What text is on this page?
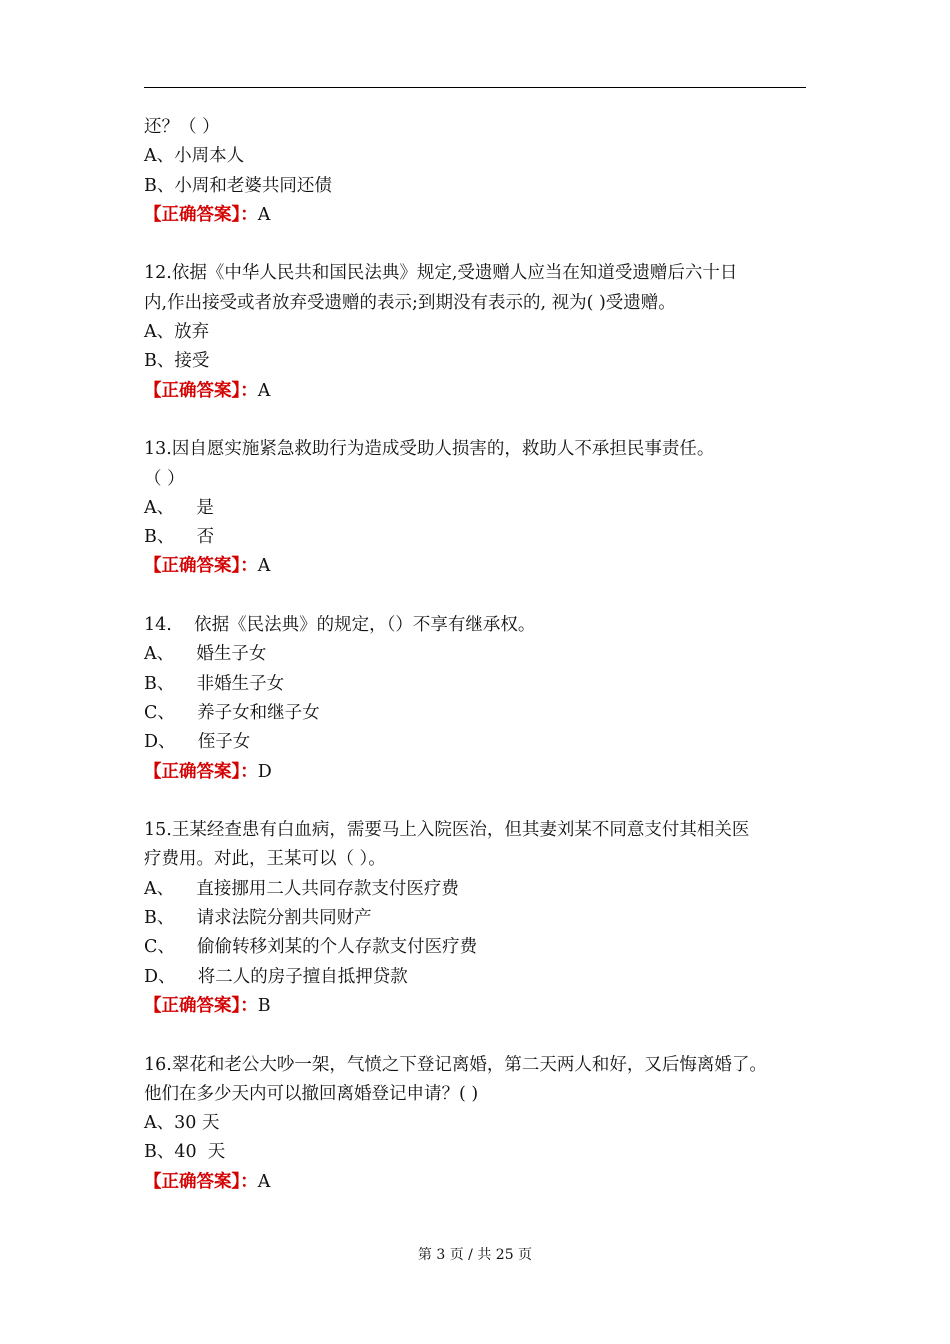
还？（ ）
A、小周本人
B、小周和老婆共同还债
【正确答案】：A
12.依据《中华人民共和国民法典》规定,受遗赠人应当在知道受遗赠后六十日
内,作出接受或者放弃受遗赠的表示;到期没有表示的, 视为( )受遗赠。
A、放弃
B、接受
【正确答案】：A
13.因自愿实施紧急救助行为造成受助人损害的，救助人不承担民事责任。
（ ）
A、    是
B、    否
【正确答案】：A
14.    依据《民法典》的规定，（）不享有继承权。
A、    婚生子女
B、    非婚生子女
C、    养子女和继子女
D、    侄子女
【正确答案】：D
15.王某经查患有白血病，需要马上入院医治，但其妻刘某不同意支付其相关医
疗费用。对此，王某可以（ ）。
A、    直接挪用二人共同存款支付医疗费
B、    请求法院分割共同财产
C、    偷偷转移刘某的个人存款支付医疗费
D、    将二人的房子擅自抵押贷款
【正确答案】：B
16.翠花和老公大吵一架，气愤之下登记离婚，第二天两人和好，又后悔离婚了。
他们在多少天内可以撤回离婚登记申请？( )
A、30 天
B、40  天
【正确答案】：A
第 3 页 / 共 25 页
